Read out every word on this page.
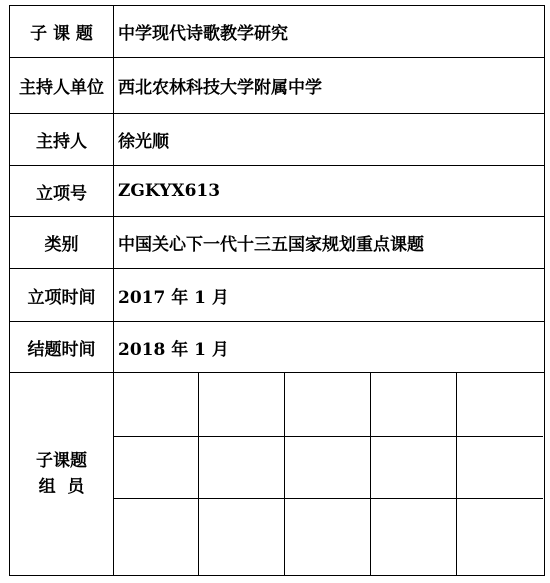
子 课 题	中学现代诗歌教学研究
主持人单位 西北农林科技大学附属中学
主持人	徐光顺
立项号	ZGKYX613
类别	中国关心下一代十三五国家规划重点课题
立项时间	2017 年 1 月
结题时间	2018 年 1 月
子课题
组  员
